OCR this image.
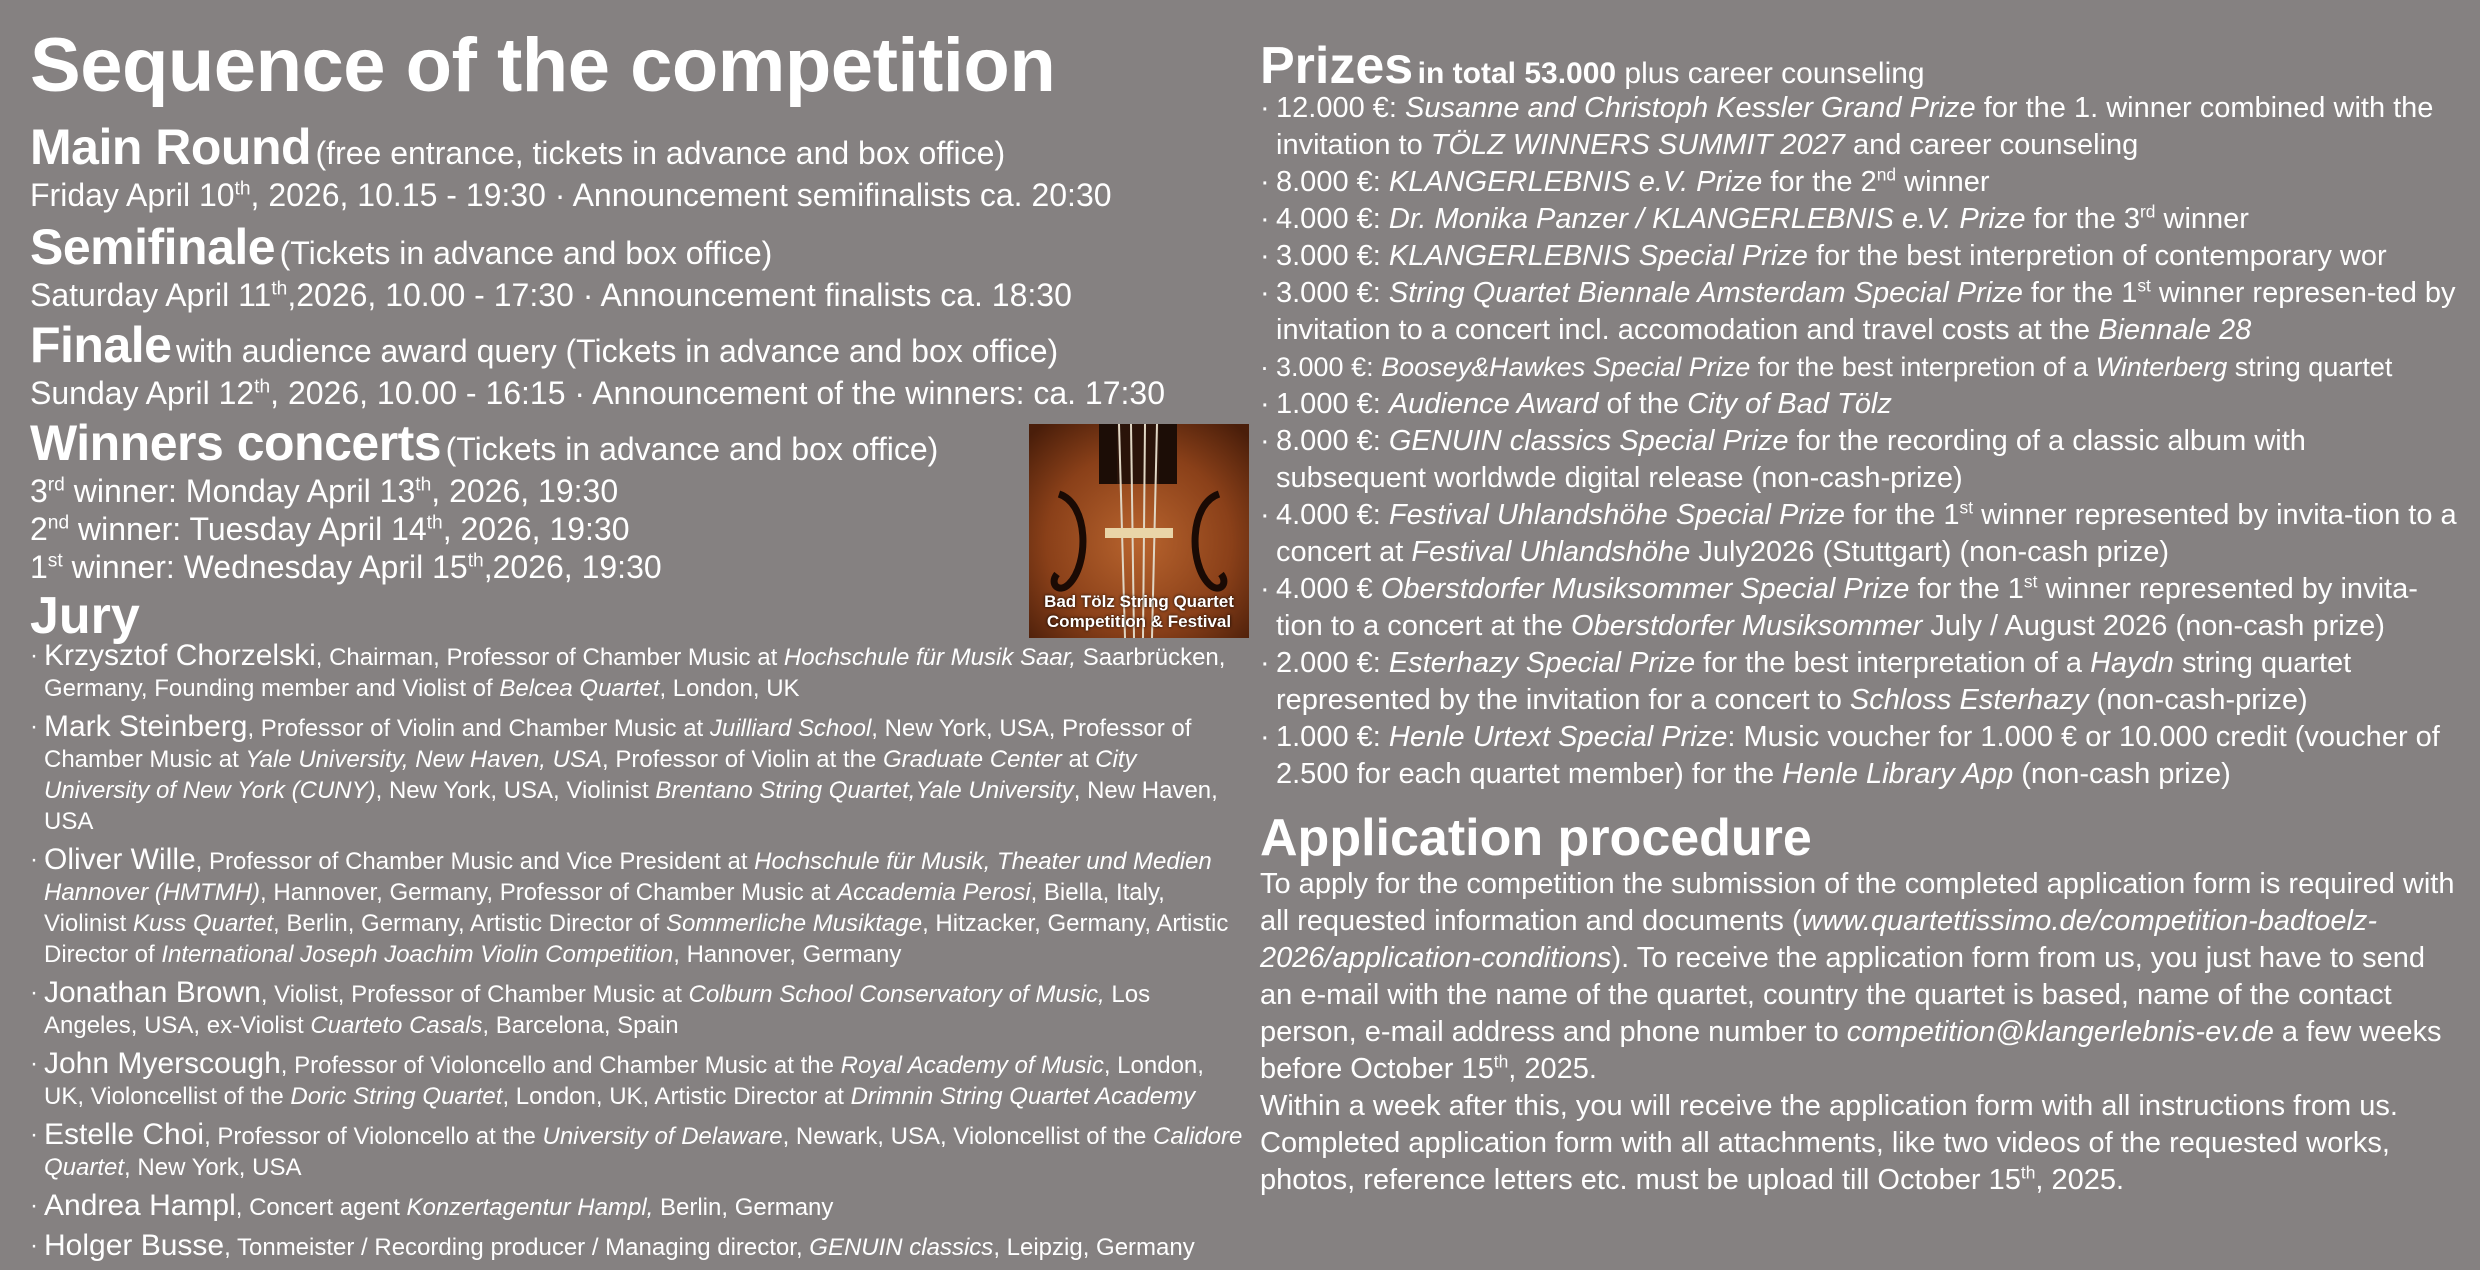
Sequence of the competition
Main Round (free entrance, tickets in advance and box office)
Friday April 10th, 2026, 10.15 - 19:30 · Announcement semifinalists ca. 20:30
Semifinale (Tickets in advance and box office)
Saturday April 11th,2026, 10.00 - 17:30 · Announcement finalists ca. 18:30
Finale with audience award query (Tickets in advance and box office)
Sunday April 12th, 2026, 10.00 - 16:15 · Announcement of the winners: ca. 17:30
Winners concerts (Tickets in advance and box office)
3rd winner: Monday April 13th, 2026, 19:30
2nd winner: Tuesday April 14th, 2026, 19:30
1st winner: Wednesday April 15th,2026, 19:30
Bad Tölz String Quartet
Competition & Festival
Jury
· Krzysztof Chorzelski, Chairman, Professor of Chamber Music at Hochschule für Musik Saar, Saarbrücken, Germany, Founding member and Violist of Belcea Quartet, London, UK
· Mark Steinberg, Professor of Violin and Chamber Music at Juilliard School, New York, USA, Professor of Chamber Music at Yale University, New Haven, USA, Professor of Violin at the Graduate Center at City University of New York (CUNY), New York, USA, Violinist Brentano String Quartet,Yale University, New Haven, USA
· Oliver Wille, Professor of Chamber Music and Vice President at Hochschule für Musik, Theater und Medien Hannover (HMTMH), Hannover, Germany, Professor of Chamber Music at Accademia Perosi, Biella, Italy, Violinist Kuss Quartet, Berlin, Germany, Artistic Director of Sommerliche Musiktage, Hitzacker, Germany, Artistic Director of International Joseph Joachim Violin Competition, Hannover, Germany
· Jonathan Brown, Violist, Professor of Chamber Music at Colburn School Conservatory of Music, Los Angeles, USA, ex-Violist Cuarteto Casals, Barcelona, Spain
· John Myerscough, Professor of Violoncello and Chamber Music at the Royal Academy of Music, London, UK, Violoncellist of the Doric String Quartet, London, UK, Artistic Director at Drimnin String Quartet Academy
· Estelle Choi, Professor of Violoncello at the University of Delaware, Newark, USA, Violoncellist of the Calidore Quartet, New York, USA
· Andrea Hampl, Concert agent Konzertagentur Hampl, Berlin, Germany
· Holger Busse, Tonmeister / Recording producer / Managing director, GENUIN classics, Leipzig, Germany
Prizes in total 53.000 plus career counseling
· 12.000 €: Susanne and Christoph Kessler Grand Prize for the 1. winner combined with the invitation to TÖLZ WINNERS SUMMIT 2027 and career counseling
· 8.000 €: KLANGERLEBNIS e.V. Prize for the 2nd winner
· 4.000 €: Dr. Monika Panzer / KLANGERLEBNIS e.V. Prize for the 3rd winner
· 3.000 €: KLANGERLEBNIS Special Prize for the best interpretion of contemporary wor
· 3.000 €: String Quartet Biennale Amsterdam Special Prize for the 1st winner represen-ted by invitation to a concert incl. accomodation and travel costs at the Biennale 28
· 3.000 €: Boosey&Hawkes Special Prize for the best interpretion of a Winterberg string quartet
· 1.000 €: Audience Award of the City of Bad Tölz
· 8.000 €: GENUIN classics Special Prize for the recording of a classic album with subsequent worldwde digital release (non-cash-prize)
· 4.000 €: Festival Uhlandshöhe Special Prize for the 1st winner represented by invita-tion to a concert at Festival Uhlandshöhe July2026 (Stuttgart) (non-cash prize)
· 4.000 € Oberstdorfer Musiksommer Special Prize for the 1st winner represented by invita-tion to a concert at the Oberstdorfer Musiksommer July / August 2026 (non-cash prize)
· 2.000 €: Esterhazy Special Prize for the best interpretation of a Haydn string quartet represented by the invitation for a concert to Schloss Esterhazy (non-cash-prize)
· 1.000 €: Henle Urtext Special Prize: Music voucher for 1.000 € or 10.000 credit (voucher of 2.500 for each quartet member) for the Henle Library App (non-cash prize)
Application procedure
To apply for the competition the submission of the completed application form is required with all requested information and documents (www.quartettissimo.de/competition-badtoelz-2026/application-conditions). To receive the application form from us, you just have to send an e-mail with the name of the quartet, country the quartet is based, name of the contact person, e-mail address and phone number to competition@klangerlebnis-ev.de a few weeks before October 15th, 2025.
Within a week after this, you will receive the application form with all instructions from us. Completed application form with all attachments, like two videos of the requested works, photos, reference letters etc. must be upload till October 15th, 2025.
